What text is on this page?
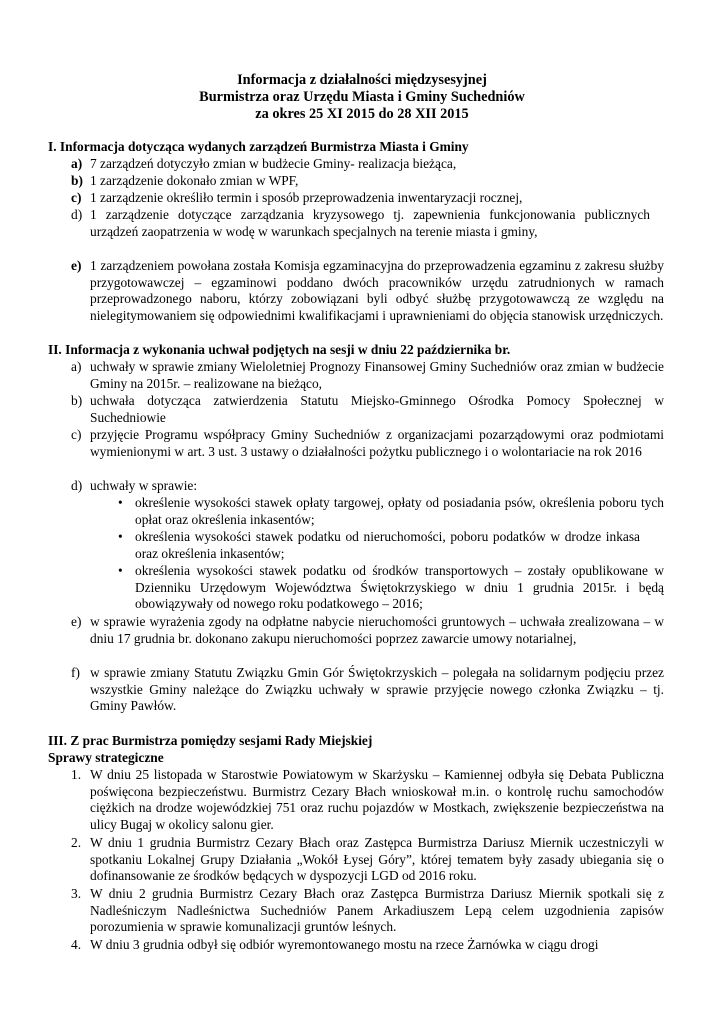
Informacja z działalności międzysesyjnej
Burmistrza oraz Urzędu Miasta i Gminy Suchedniów
za okres 25 XI 2015 do 28 XII 2015
I. Informacja dotycząca wydanych zarządzeń Burmistrza Miasta i Gminy
a) 7 zarządzeń dotyczyło zmian w budżecie Gminy- realizacja bieżąca,
b) 1 zarządzenie dokonało zmian w WPF,
c) 1 zarządzenie określiło termin i sposób przeprowadzenia inwentaryzacji rocznej,
d) 1 zarządzenie dotyczące zarządzania kryzysowego tj. zapewnienia funkcjonowania publicznych urządzeń zaopatrzenia w wodę w warunkach specjalnych na terenie miasta i gminy,
e) 1 zarządzeniem powołana została Komisja egzaminacyjna do przeprowadzenia egzaminu z zakresu służby przygotowawczej – egzaminowi poddano dwóch pracowników urzędu zatrudnionych w ramach przeprowadzonego naboru, którzy zobowiązani byli odbyć służbę przygotowawczą ze względu na nielegitymowaniem się odpowiednimi kwalifikacjami i uprawnieniami do objęcia stanowisk urzędniczych.
II. Informacja z wykonania uchwał podjętych na sesji w dniu 22 października br.
a) uchwały w sprawie zmiany Wieloletniej Prognozy Finansowej Gminy Suchedniów oraz zmian w budżecie Gminy na 2015r. – realizowane na bieżąco,
b) uchwała dotycząca zatwierdzenia Statutu Miejsko-Gminnego Ośrodka Pomocy Społecznej w Suchedniowie
c) przyjęcie Programu współpracy Gminy Suchedniów z organizacjami pozarządowymi oraz podmiotami wymienionymi w art. 3 ust. 3 ustawy o działalności pożytku publicznego i o wolontariacie na rok 2016
d) uchwały w sprawie:
• określenie wysokości stawek opłaty targowej, opłaty od posiadania psów, określenia poboru tych opłat oraz określenia inkasentów;
• określenia wysokości stawek podatku od nieruchomości, poboru podatków w drodze inkasa oraz określenia inkasentów;
• określenia wysokości stawek podatku od środków transportowych – zostały opublikowane w Dzienniku Urzędowym Województwa Świętokrzyskiego w dniu 1 grudnia 2015r. i będą obowiązywały od nowego roku podatkowego – 2016;
e) w sprawie wyrażenia zgody na odpłatne nabycie nieruchomości gruntowych – uchwała zrealizowana – w dniu 17 grudnia br. dokonano zakupu nieruchomości poprzez zawarcie umowy notarialnej,
f) w sprawie zmiany Statutu Związku Gmin Gór Świętokrzyskich – polegała na solidarnym podjęciu przez wszystkie Gminy należące do Związku uchwały w sprawie przyjęcie nowego członka Związku – tj. Gminy Pawłów.
III. Z prac Burmistrza pomiędzy sesjami Rady Miejskiej
Sprawy strategiczne
1. W dniu 25 listopada w Starostwie Powiatowym w Skarżysku – Kamiennej odbyła się Debata Publiczna poświęcona bezpieczeństwu. Burmistrz Cezary Błach wnioskował m.in. o kontrolę ruchu samochodów ciężkich na drodze wojewódzkiej 751 oraz ruchu pojazdów w Mostkach, zwiększenie bezpieczeństwa na ulicy Bugaj w okolicy salonu gier.
2. W dniu 1 grudnia Burmistrz Cezary Błach oraz Zastępca Burmistrza Dariusz Miernik uczestniczyli w spotkaniu Lokalnej Grupy Działania „Wokół Łysej Góry”, której tematem były zasady ubiegania się o dofinansowanie ze środków będących w dyspozycji LGD od 2016 roku.
3. W dniu 2 grudnia Burmistrz Cezary Błach oraz Zastępca Burmistrza Dariusz Miernik spotkali się z Nadleśniczym Nadleśnictwa Suchedniów Panem Arkadiuszem Lepą celem uzgodnienia zapisów porozumienia w sprawie komunalizacji gruntów leśnych.
4. W dniu 3 grudnia odbył się odbiór wyremontowanego mostu na rzece Żarnówka w ciągu drogi
